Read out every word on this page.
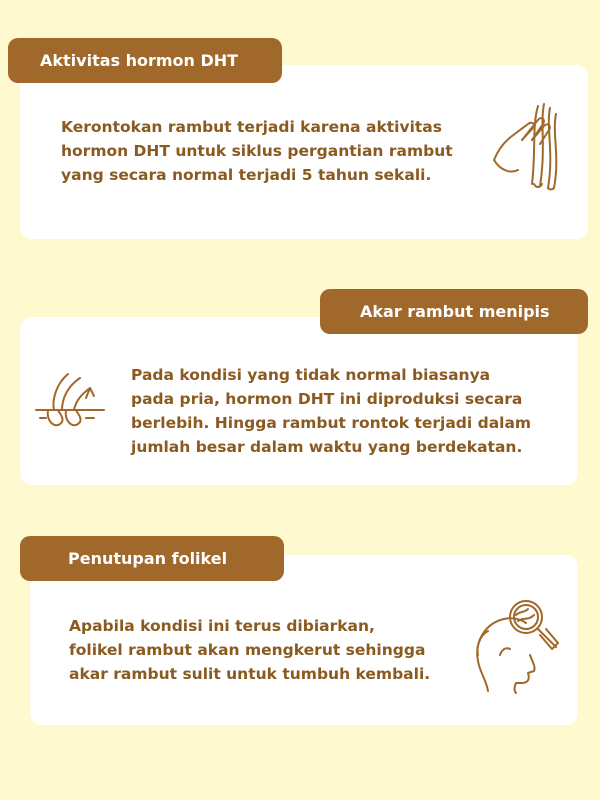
Aktivitas hormon DHT
Kerontokan rambut terjadi karena aktivitas
hormon DHT untuk siklus pergantian rambut
yang secara normal terjadi 5 tahun sekali.
Akar rambut menipis
Pada kondisi yang tidak normal biasanya
pada pria, hormon DHT ini diproduksi secara
berlebih. Hingga rambut rontok terjadi dalam
jumlah besar dalam waktu yang berdekatan.
Penutupan folikel
Apabila kondisi ini terus dibiarkan,
folikel rambut akan mengkerut sehingga
akar rambut sulit untuk tumbuh kembali.
